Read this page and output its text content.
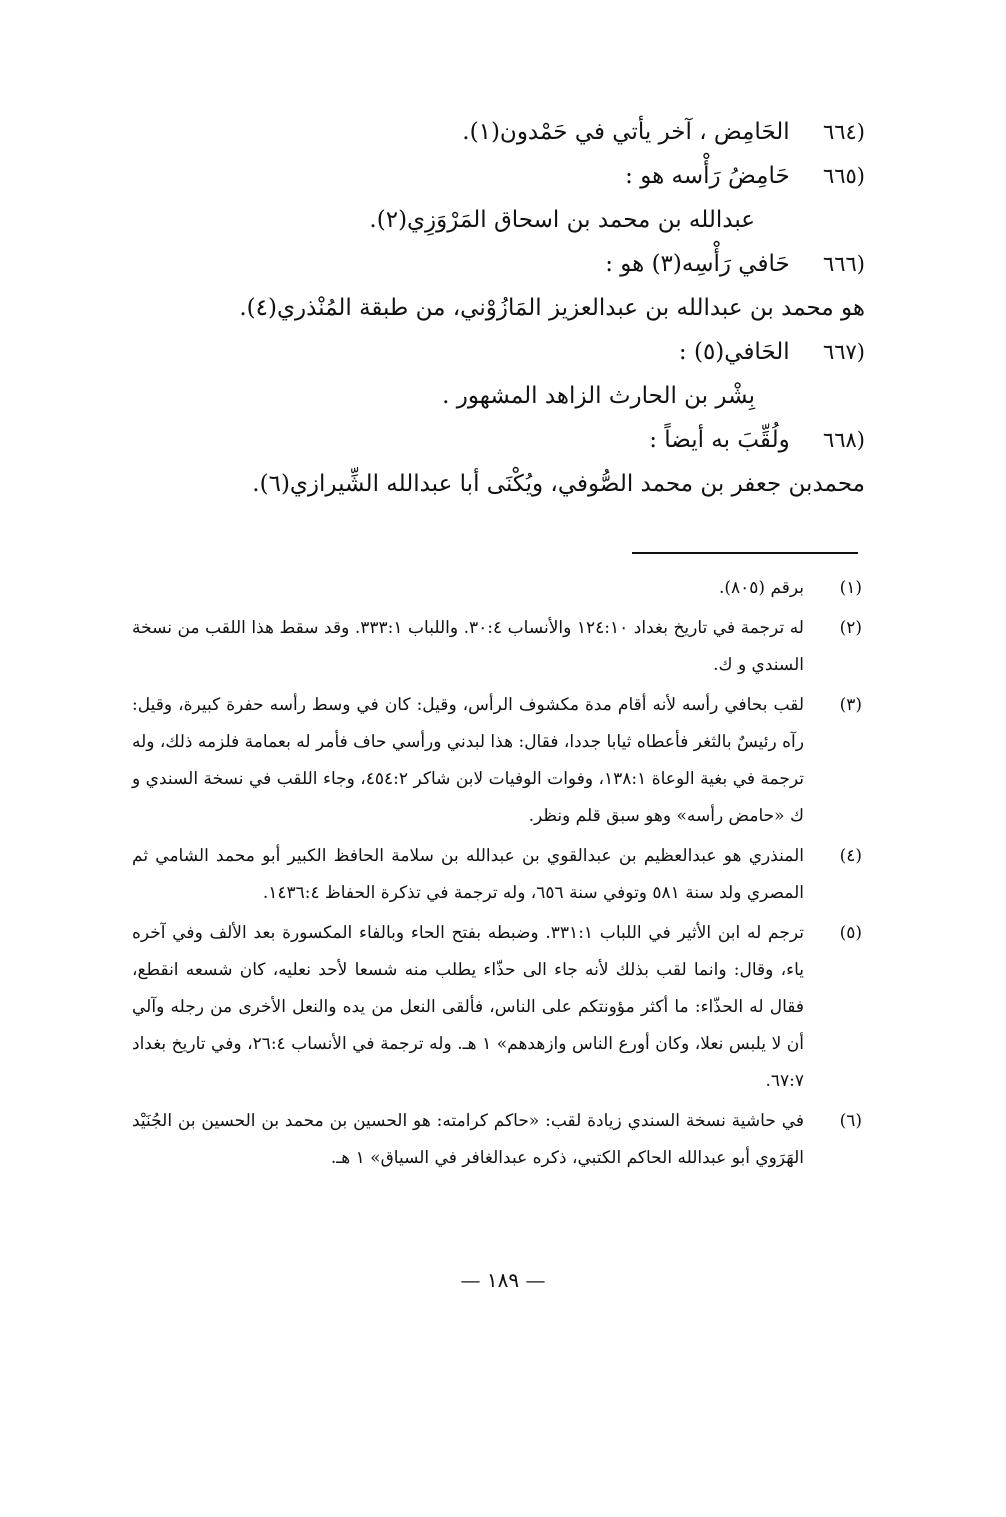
(٦٦٤ الحَامِض ، آخر يأتي في حَمْدون(١).
(٦٦٥ حَامِضُ رَأْسه هو :
عبدالله بن محمد بن اسحاق المَرْوَزِي(٢).
(٦٦٦ حَافي رَأْسِه(٣) هو :
هو محمد بن عبدالله بن عبدالعزيز المَازُوْني، من طبقة المُنْذري(٤).
(٦٦٧ الحَافي(٥) :
بِشْر بن الحارث الزاهد المشهور .
(٦٦٨ ولُقِّبَ به أيضاً :
محمدبن جعفر بن محمد الصُّوفي، ويُكْنَى أبا عبدالله الشِّيرازي(٦).
(١)
برقم (٨٠٥).
(٢)
له ترجمة في تاريخ بغداد ١٢٤:١٠ والأنساب ٣٠:٤. واللباب ٣٣٣:١. وقد سقط هذا اللقب من نسخة السندي و ك.
(٣)
لقب بحافي رأسه لأنه أقام مدة مكشوف الرأس، وقيل: كان في وسط رأسه حفرة كبيرة، وقيل: رآه رئيسٌ بالثغر فأعطاه ثيابا جددا، فقال: هذا لبدني ورأسي حاف فأمر له بعمامة فلزمه ذلك، وله ترجمة في بغية الوعاة ١٣٨:١، وفوات الوفيات لابن شاكر ٤٥٤:٢، وجاء اللقب في نسخة السندي و ك «حامض رأسه» وهو سبق قلم ونظر.
(٤)
المنذري هو عبدالعظيم بن عبدالقوي بن عبدالله بن سلامة الحافظ الكبير أبو محمد الشامي ثم المصري ولد سنة ٥٨١ وتوفي سنة ٦٥٦، وله ترجمة في تذكرة الحفاظ ١٤٣٦:٤.
(٥)
ترجم له ابن الأثير في اللباب ٣٣١:١. وضبطه بفتح الحاء وبالفاء المكسورة بعد الألف وفي آخره ياء، وقال: وانما لقب بذلك لأنه جاء الى حذّاء يطلب منه شسعا لأحد نعليه، كان شسعه انقطع، فقال له الحذّاء: ما أكثر مؤونتكم على الناس، فألقى النعل من يده والنعل الأخرى من رجله وآلي أن لا يلبس نعلا، وكان أورع الناس وازهدهم» ١ هـ. وله ترجمة في الأنساب ٢٦:٤، وفي تاريخ بغداد ٦٧:٧.
(٦)
في حاشية نسخة السندي زيادة لقب: «حاكم كرامته: هو الحسين بن محمد بن الحسين بن الجُنَيْد الهَرَوي أبو عبدالله الحاكم الكتبي، ذكره عبدالغافر في السياق» ١ هـ.
— ١٨٩ —
